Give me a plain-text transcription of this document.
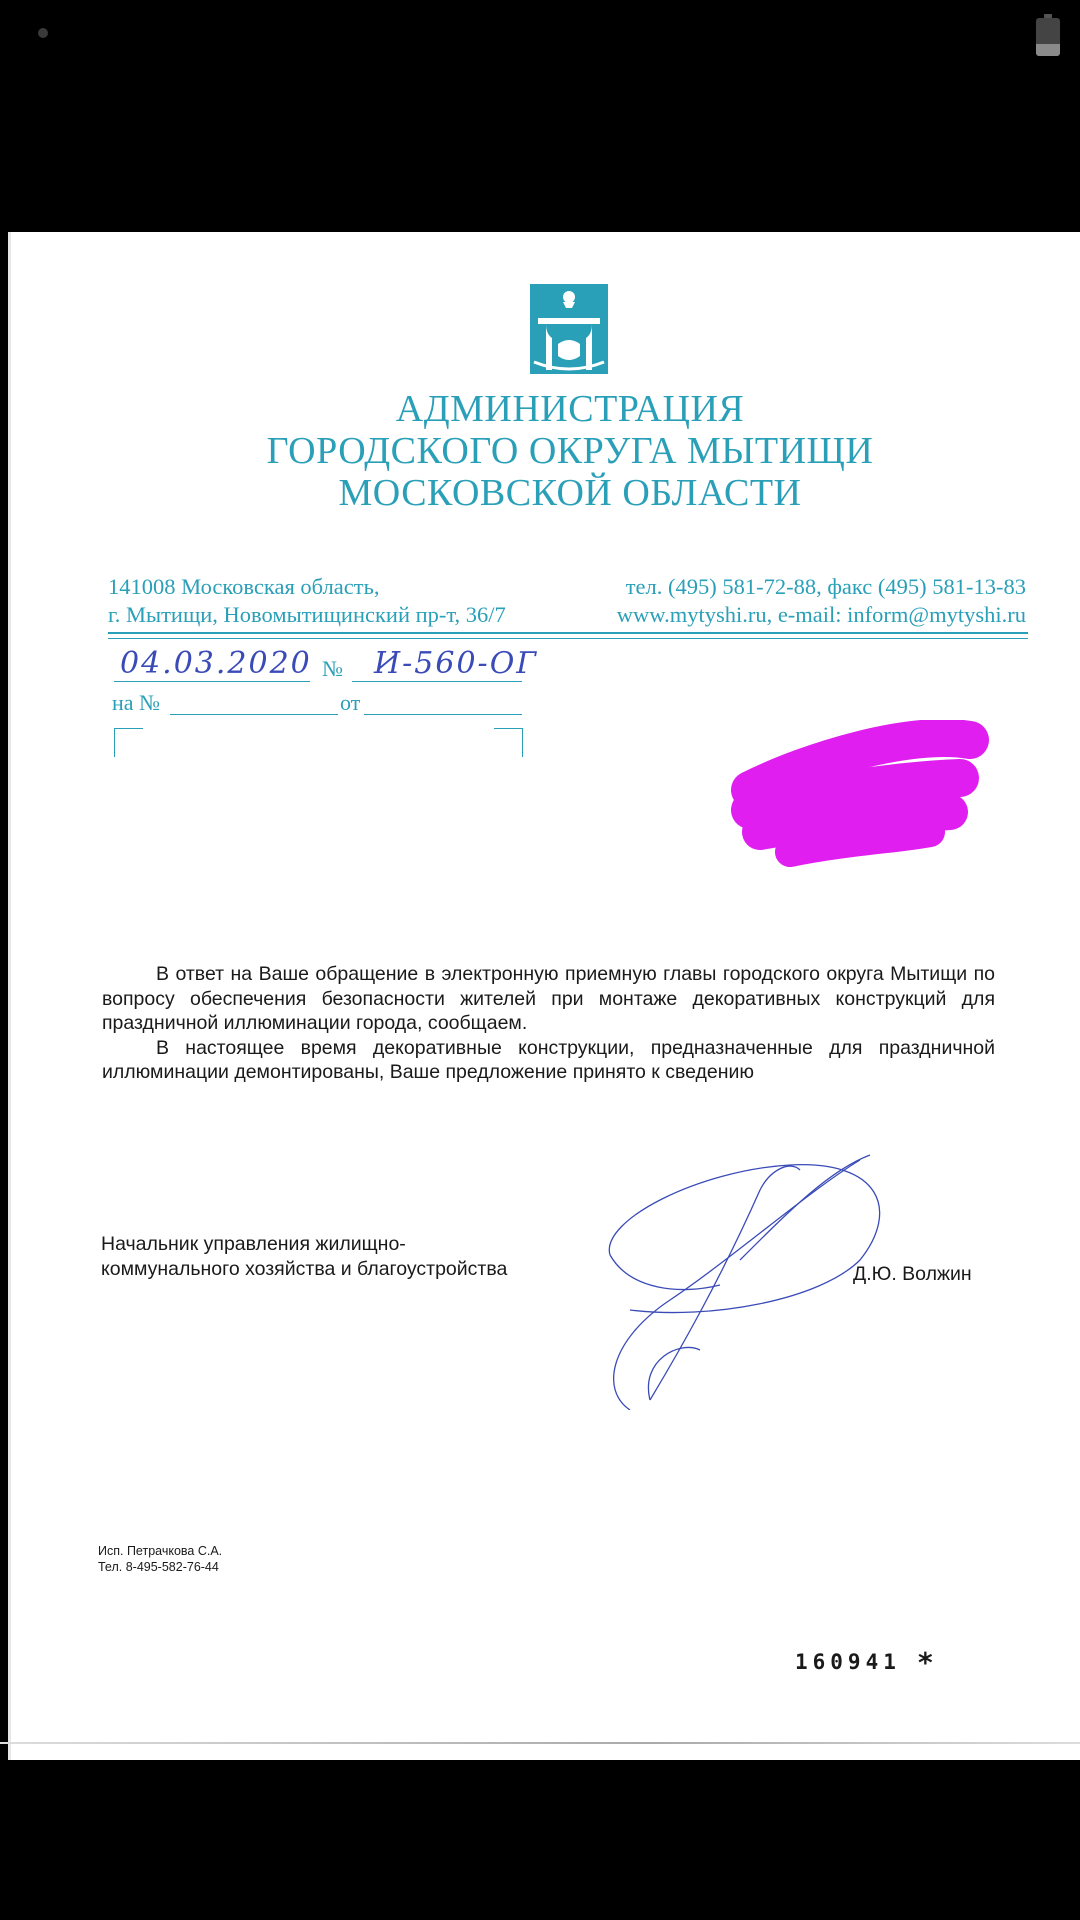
АДМИНИСТРАЦИЯ
ГОРОДСКОГО ОКРУГА МЫТИЩИ
МОСКОВСКОЙ ОБЛАСТИ
141008 Московская область,
г. Мытищи, Новомытищинский пр-т, 36/7
тел. (495) 581-72-88, факс (495) 581-13-83
www.mytyshi.ru, e-mail: inform@mytyshi.ru
04.03.2020 № И-560-ОГ
на №	от

В ответ на Ваше обращение в электронную приемную главы городского округа Мытищи по вопросу обеспечения безопасности жителей при монтаже декоративных конструкций для праздничной иллюминации города, сообщаем.

В настоящее время декоративные конструкции, предназначенные для праздничной иллюминации демонтированы, Ваше предложение принято к сведению

Начальник управления жилищно-
коммунального хозяйства и благоустройства	Д.Ю. Волжин
Исп. Петрачкова С.А.
Тел. 8-495-582-76-44
160941 *
